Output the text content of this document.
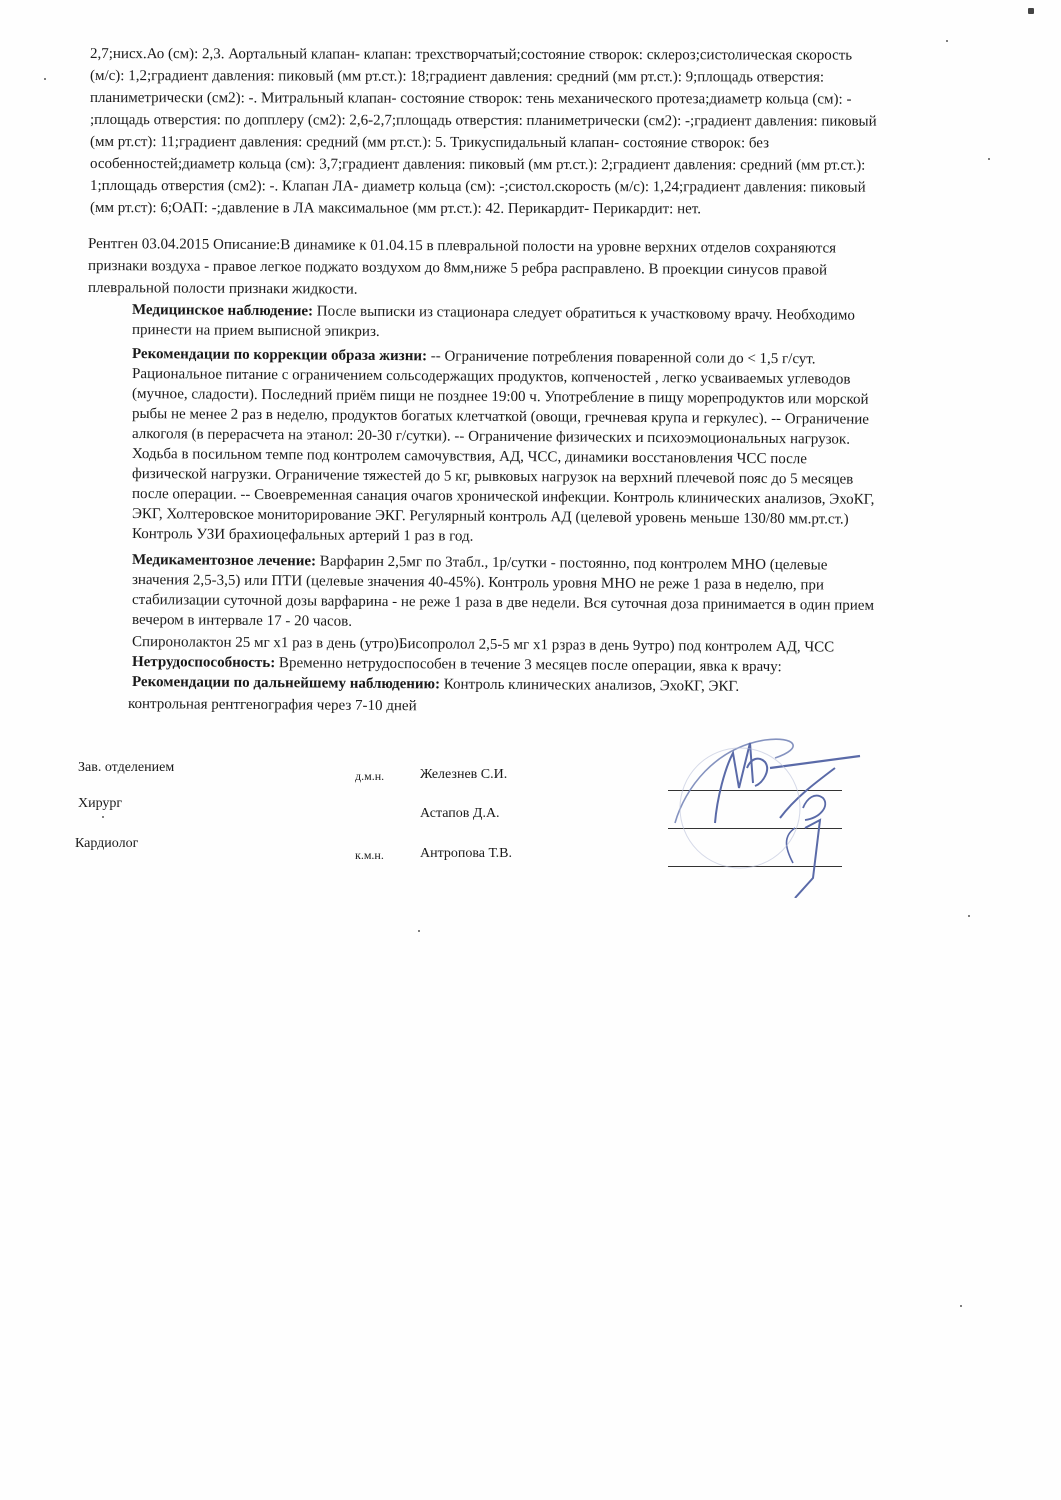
2,7;нисх.Ао (см): 2,3. Аортальный клапан- клапан: трехстворчатый;состояние створок: склероз;систолическая скорость
(м/с): 1,2;градиент давления: пиковый (мм рт.ст.): 18;градиент давления: средний (мм рт.ст.): 9;площадь отверстия:
планиметрически (см2): -. Митральный клапан- состояние створок: тень механического протеза;диаметр кольца (см): -
;площадь отверстия: по допплеру (см2): 2,6-2,7;площадь отверстия: планиметрически (см2): -;градиент давления: пиковый
(мм рт.ст): 11;градиент давления: средний (мм рт.ст.): 5. Трикуспидальный клапан- состояние створок: без
особенностей;диаметр кольца (см): 3,7;градиент давления: пиковый (мм рт.ст.): 2;градиент давления: средний (мм рт.ст.):
1;площадь отверстия (см2): -. Клапан ЛА- диаметр кольца (см): -;систол.скорость (м/с): 1,24;градиент давления: пиковый
(мм рт.ст): 6;ОАП: -;давление в ЛА максимальное (мм рт.ст.): 42. Перикардит- Перикардит: нет.
Рентген 03.04.2015 Описание:В динамике к 01.04.15 в плевральной полости на уровне верхних отделов сохраняются
признаки воздуха - правое легкое поджато воздухом до 8мм,ниже 5 ребра расправлено. В проекции синусов правой
плевральной полости признаки жидкости.
Медицинское наблюдение: После выписки из стационара следует обратиться к участковому врачу. Необходимо
принести на прием выписной эпикриз.
Рекомендации по коррекции образа жизни: -- Ограничение потребления поваренной соли до < 1,5 г/сут.
Рациональное питание с ограничением сольсодержащих продуктов, копченостей , легко усваиваемых углеводов
(мучное, сладости). Последний приём пищи не позднее 19:00 ч. Употребление в пищу морепродуктов или морской
рыбы не менее 2 раз в неделю, продуктов богатых клетчаткой (овощи, гречневая крупа и геркулес). -- Ограничение
алкоголя (в перерасчета на этанол: 20-30 г/сутки). -- Ограничение физических и психоэмоциональных нагрузок.
Ходьба в посильном темпе под контролем самочувствия, АД, ЧСС, динамики восстановления ЧСС после
физической нагрузки. Ограничение тяжестей до 5 кг, рывковых нагрузок на верхний плечевой пояс до 5 месяцев
после операции. -- Своевременная санация очагов хронической инфекции. Контроль клинических анализов, ЭхоКГ,
ЭКГ, Холтеровское мониторирование ЭКГ. Регулярный контроль АД (целевой уровень меньше 130/80 мм.рт.ст.)
Контроль УЗИ брахиоцефальных артерий 1 раз в год.
Медикаментозное лечение: Варфарин 2,5мг по 3табл., 1р/сутки - постоянно, под контролем МНО (целевые
значения 2,5-3,5) или ПТИ (целевые значения 40-45%). Контроль уровня МНО не реже 1 раза в неделю, при
стабилизации суточной дозы варфарина - не реже 1 раза в две недели. Вся суточная доза принимается в один прием
вечером в интервале 17 - 20 часов.
Спиронолактон 25 мг х1 раз в день (утро)Бисопролол 2,5-5 мг х1 рзраз в день 9утро) под контролем АД, ЧСС
Нетрудоспособность: Временно нетрудоспособен в течение 3 месяцев после операции, явка к врачу:
Рекомендации по дальнейшему наблюдению: Контроль клинических анализов, ЭхоКГ, ЭКГ.
контрольная рентгенография через 7-10 дней
Зав. отделением
д.м.н.	Железнев С.И.
Хирург
Астапов Д.А.
Кардиолог
к.м.н.	Антропова Т.В.
